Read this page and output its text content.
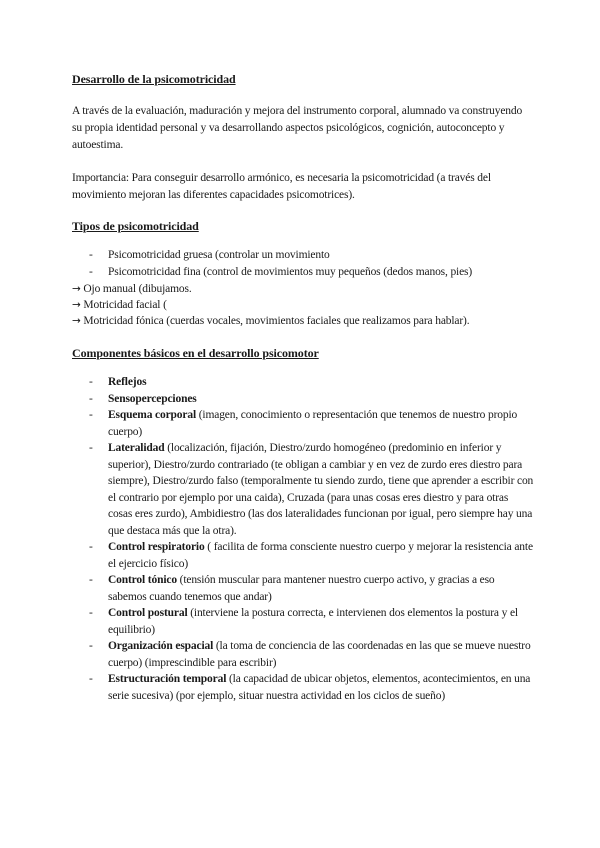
Desarrollo de la psicomotricidad
A través de la evaluación, maduración y mejora del instrumento corporal, alumnado va construyendo su propia identidad personal y va desarrollando aspectos psicológicos, cognición, autoconcepto y autoestima.
Importancia: Para conseguir desarrollo armónico, es necesaria la psicomotricidad (a través del movimiento mejoran las diferentes capacidades psicomotrices).
Tipos de psicomotricidad
- Psicomotricidad gruesa (controlar un movimiento
- Psicomotricidad fina (control de movimientos muy pequeños (dedos manos, pies)
→ Ojo manual (dibujamos.
→ Motricidad facial (
→ Motricidad fónica (cuerdas vocales, movimientos faciales que realizamos para hablar).
Componentes básicos en el desarrollo psicomotor
- Reflejos
- Sensopercepciones
- Esquema corporal (imagen, conocimiento o representación que tenemos de nuestro propio cuerpo)
- Lateralidad (localización, fijación, Diestro/zurdo homogéneo (predominio en inferior y superior), Diestro/zurdo contrariado (te obligan a cambiar y en vez de zurdo eres diestro para siempre), Diestro/zurdo falso (temporalmente tu siendo zurdo, tiene que aprender a escribir con el contrario por ejemplo por una caida), Cruzada (para unas cosas eres diestro y para otras cosas eres zurdo), Ambidiestro (las dos lateralidades funcionan por igual, pero siempre hay una que destaca más que la otra).
- Control respiratorio ( facilita de forma consciente nuestro cuerpo y mejorar la resistencia ante el ejercicio físico)
- Control tónico (tensión muscular para mantener nuestro cuerpo activo, y gracias a eso sabemos cuando tenemos que andar)
- Control postural (interviene la postura correcta, e intervienen dos elementos la postura y el equilibrio)
- Organización espacial (la toma de conciencia de las coordenadas en las que se mueve nuestro cuerpo) (imprescindible para escribir)
- Estructuración temporal (la capacidad de ubicar objetos, elementos, acontecimientos, en una serie sucesiva) (por ejemplo, situar nuestra actividad en los ciclos de sueño)
